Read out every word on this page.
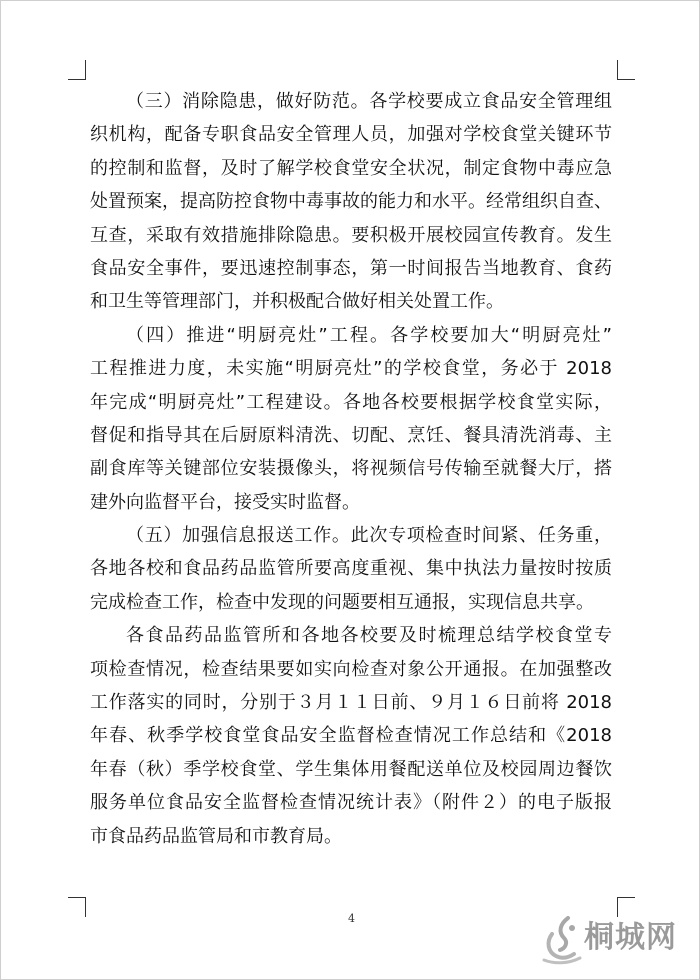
（三）消除隐患，做好防范。各学校要成立食品安全管理组
织机构，配备专职食品安全管理人员，加强对学校食堂关键环节
的控制和监督，及时了解学校食堂安全状况，制定食物中毒应急
处置预案，提高防控食物中毒事故的能力和水平。经常组织自查、
互查，采取有效措施排除隐患。要积极开展校园宣传教育。发生
食品安全事件，要迅速控制事态，第一时间报告当地教育、食药
和卫生等管理部门，并积极配合做好相关处置工作。
（四）推进“明厨亮灶”工程。各学校要加大“明厨亮灶”
工程推进力度，未实施“明厨亮灶”的学校食堂，务必于 2018
年完成“明厨亮灶”工程建设。各地各校要根据学校食堂实际，
督促和指导其在后厨原料清洗、切配、烹饪、餐具清洗消毒、主
副食库等关键部位安装摄像头，将视频信号传输至就餐大厅，搭
建外向监督平台，接受实时监督。
（五）加强信息报送工作。此次专项检查时间紧、任务重，
各地各校和食品药品监管所要高度重视、集中执法力量按时按质
完成检查工作，检查中发现的问题要相互通报，实现信息共享。
各食品药品监管所和各地各校要及时梳理总结学校食堂专
项检查情况，检查结果要如实向检查对象公开通报。在加强整改
工作落实的同时，分别于３月１１日前、９月１６日前将 2018
年春、秋季学校食堂食品安全监督检查情况工作总结和《2018
年春（秋）季学校食堂、学生集体用餐配送单位及校园周边餐饮
服务单位食品安全监督检查情况统计表》（附件２）的电子版报
市食品药品监管局和市教育局。
4
桐城网
